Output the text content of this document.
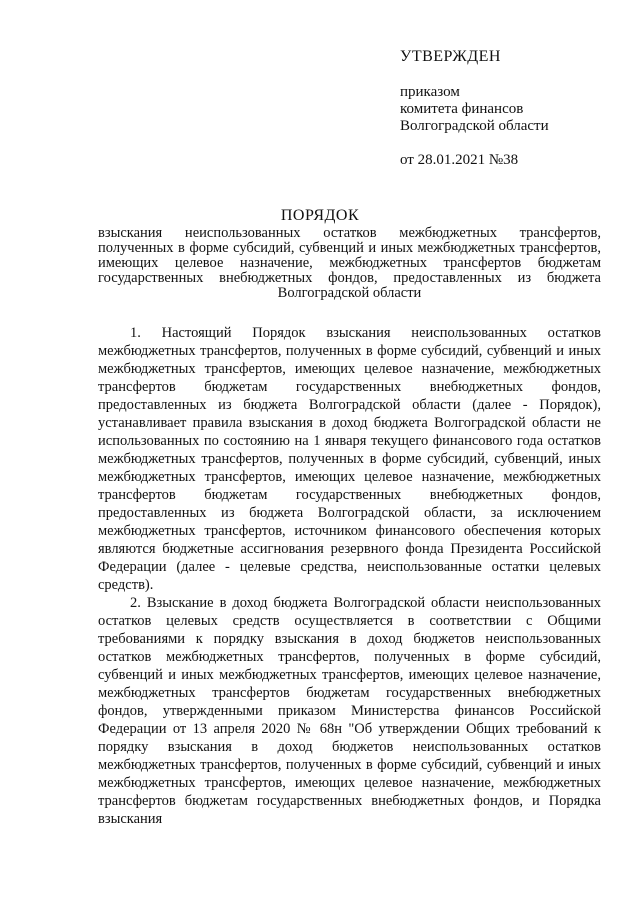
УТВЕРЖДЕН
приказом
комитета финансов
Волгоградской области
от 28.01.2021 №38
ПОРЯДОК
взыскания неиспользованных остатков межбюджетных трансфертов, полученных в форме субсидий, субвенций и иных межбюджетных трансфертов, имеющих целевое назначение, межбюджетных трансфертов бюджетам государственных внебюджетных фондов, предоставленных из бюджета Волгоградской области

1. Настоящий Порядок взыскания неиспользованных остатков межбюджетных трансфертов, полученных в форме субсидий, субвенций и иных межбюджетных трансфертов, имеющих целевое назначение, межбюджетных трансфертов бюджетам государственных внебюджетных фондов, предоставленных из бюджета Волгоградской области (далее - Порядок), устанавливает правила взыскания в доход бюджета Волгоградской области не использованных по состоянию на 1 января текущего финансового года остатков межбюджетных трансфертов, полученных в форме субсидий, субвенций, иных межбюджетных трансфертов, имеющих целевое назначение, межбюджетных трансфертов бюджетам государственных внебюджетных фондов, предоставленных из бюджета Волгоградской области, за исключением межбюджетных трансфертов, источником финансового обеспечения которых являются бюджетные ассигнования резервного фонда Президента Российской Федерации (далее - целевые средства, неиспользованные остатки целевых средств).

2. Взыскание в доход бюджета Волгоградской области неиспользованных остатков целевых средств осуществляется в соответствии с Общими требованиями к порядку взыскания в доход бюджетов неиспользованных остатков межбюджетных трансфертов, полученных в форме субсидий, субвенций и иных межбюджетных трансфертов, имеющих целевое назначение, межбюджетных трансфертов бюджетам государственных внебюджетных фондов, утвержденными приказом Министерства финансов Российской Федерации от 13 апреля 2020 № 68н "Об утверждении Общих требований к порядку взыскания в доход бюджетов неиспользованных остатков межбюджетных трансфертов, полученных в форме субсидий, субвенций и иных межбюджетных трансфертов, имеющих целевое назначение, межбюджетных трансфертов бюджетам государственных внебюджетных фондов, и Порядка взыскания
